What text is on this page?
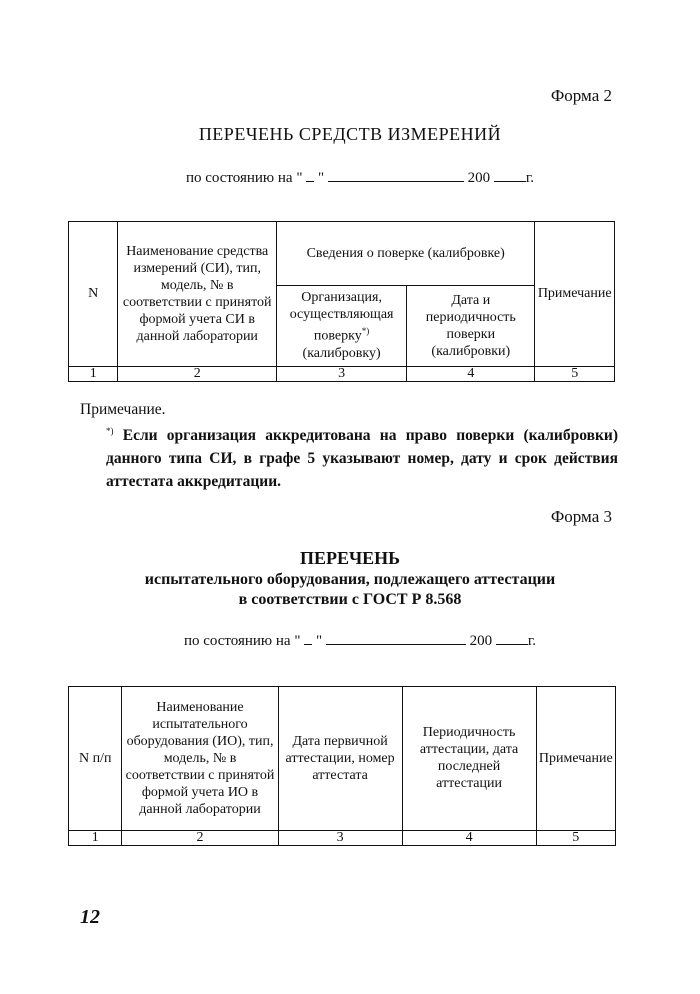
Форма 2
ПЕРЕЧЕНЬ СРЕДСТВ ИЗМЕРЕНИЙ
по состоянию на " "	200 г.
N	Наименование средства измерений (СИ), тип, модель, № в соответствии с принятой формой учета СИ в данной лаборатории	Сведения о поверке (калибровке)		Примечание
		Организация, осуществляющая поверку*) (калибровку)	Дата и периодичность поверки (калибровки)	
1	2	3	4	5
Примечание.
*) Если организация аккредитована на право поверки (калибровки) данного типа СИ, в графе 5 указывают номер, дату и срок действия аттестата аккредитации.
Форма 3
ПЕРЕЧЕНЬ
испытательного оборудования, подлежащего аттестации
в соответствии с ГОСТ Р 8.568
по состоянию на " "	200 г.
N п/п	Наименование испытательного оборудования (ИО), тип, модель, № в соответствии с принятой формой учета ИО в данной лаборатории	Дата первичной аттестации, номер аттестата	Периодичность аттестации, дата последней аттестации	Примечание
1	2	3	4	5
12
